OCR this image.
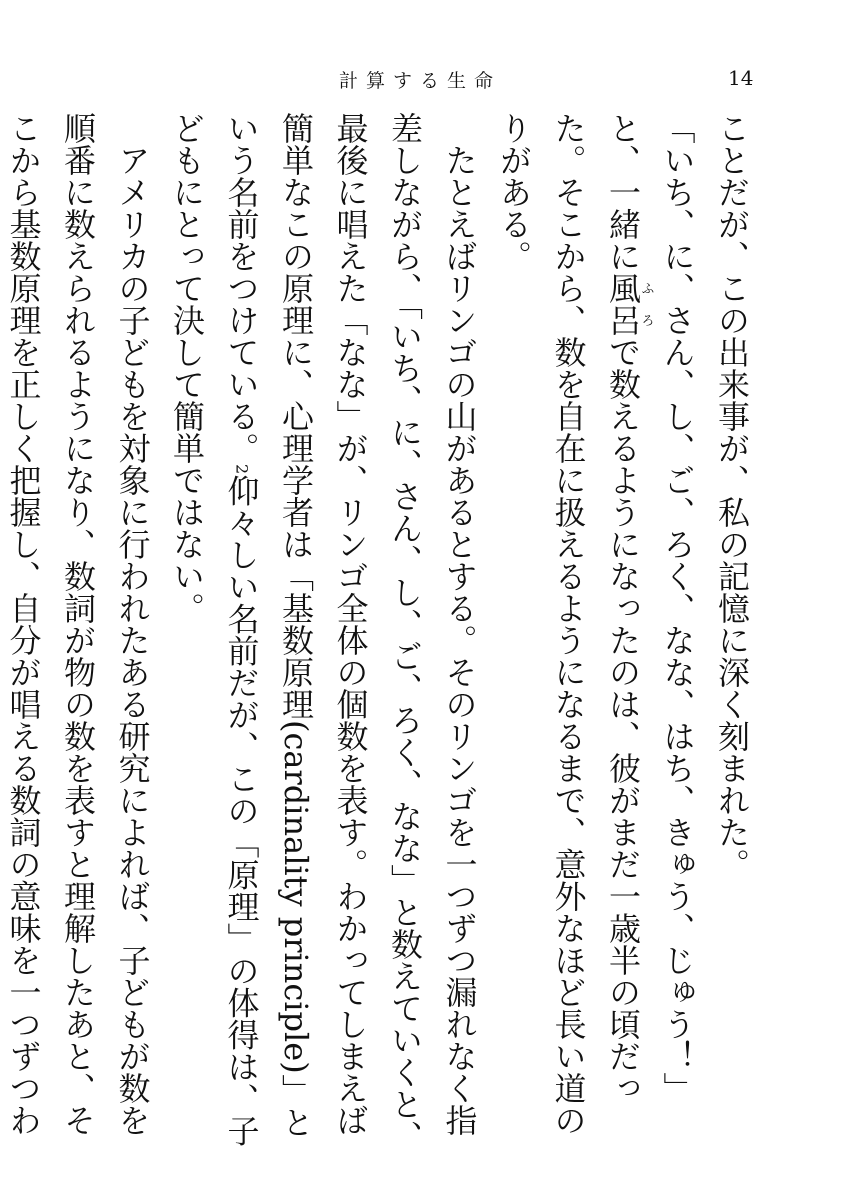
計算する生命	14

ことだが、この出来事が、私の記憶に深く刻まれた。

「いち、に、さん、し、ご、ろく、なな、はち、きゅう、じゅう！」と、一緒に風呂ふろで数えるようになったのは、彼がまだ一歳半の頃だった。そこから、数を自在に扱えるようになるまで、意外なほど長い道のりがある。

たとえばリンゴの山があるとする。そのリンゴを一つずつ漏れなく指差しながら、「いち、に、さん、し、ご、ろく、なな」と数えていくと、最後に唱えた「なな」が、リンゴ全体の個数を表す。わかってしまえば簡単なこの原理に、心理学者は「基数原理(cardinality principle)」という名前をつけている。$^2$仰々しい名前だが、この「原理」の体得は、子どもにとって決して簡単ではない。

アメリカの子どもを対象に行われたある研究によれば、子どもが数を順番に数えられるようになり、数詞が物の数を表すと理解したあと、そこから基数原理を正しく把握し、自分が唱える数詞の意味を一つずつわ
